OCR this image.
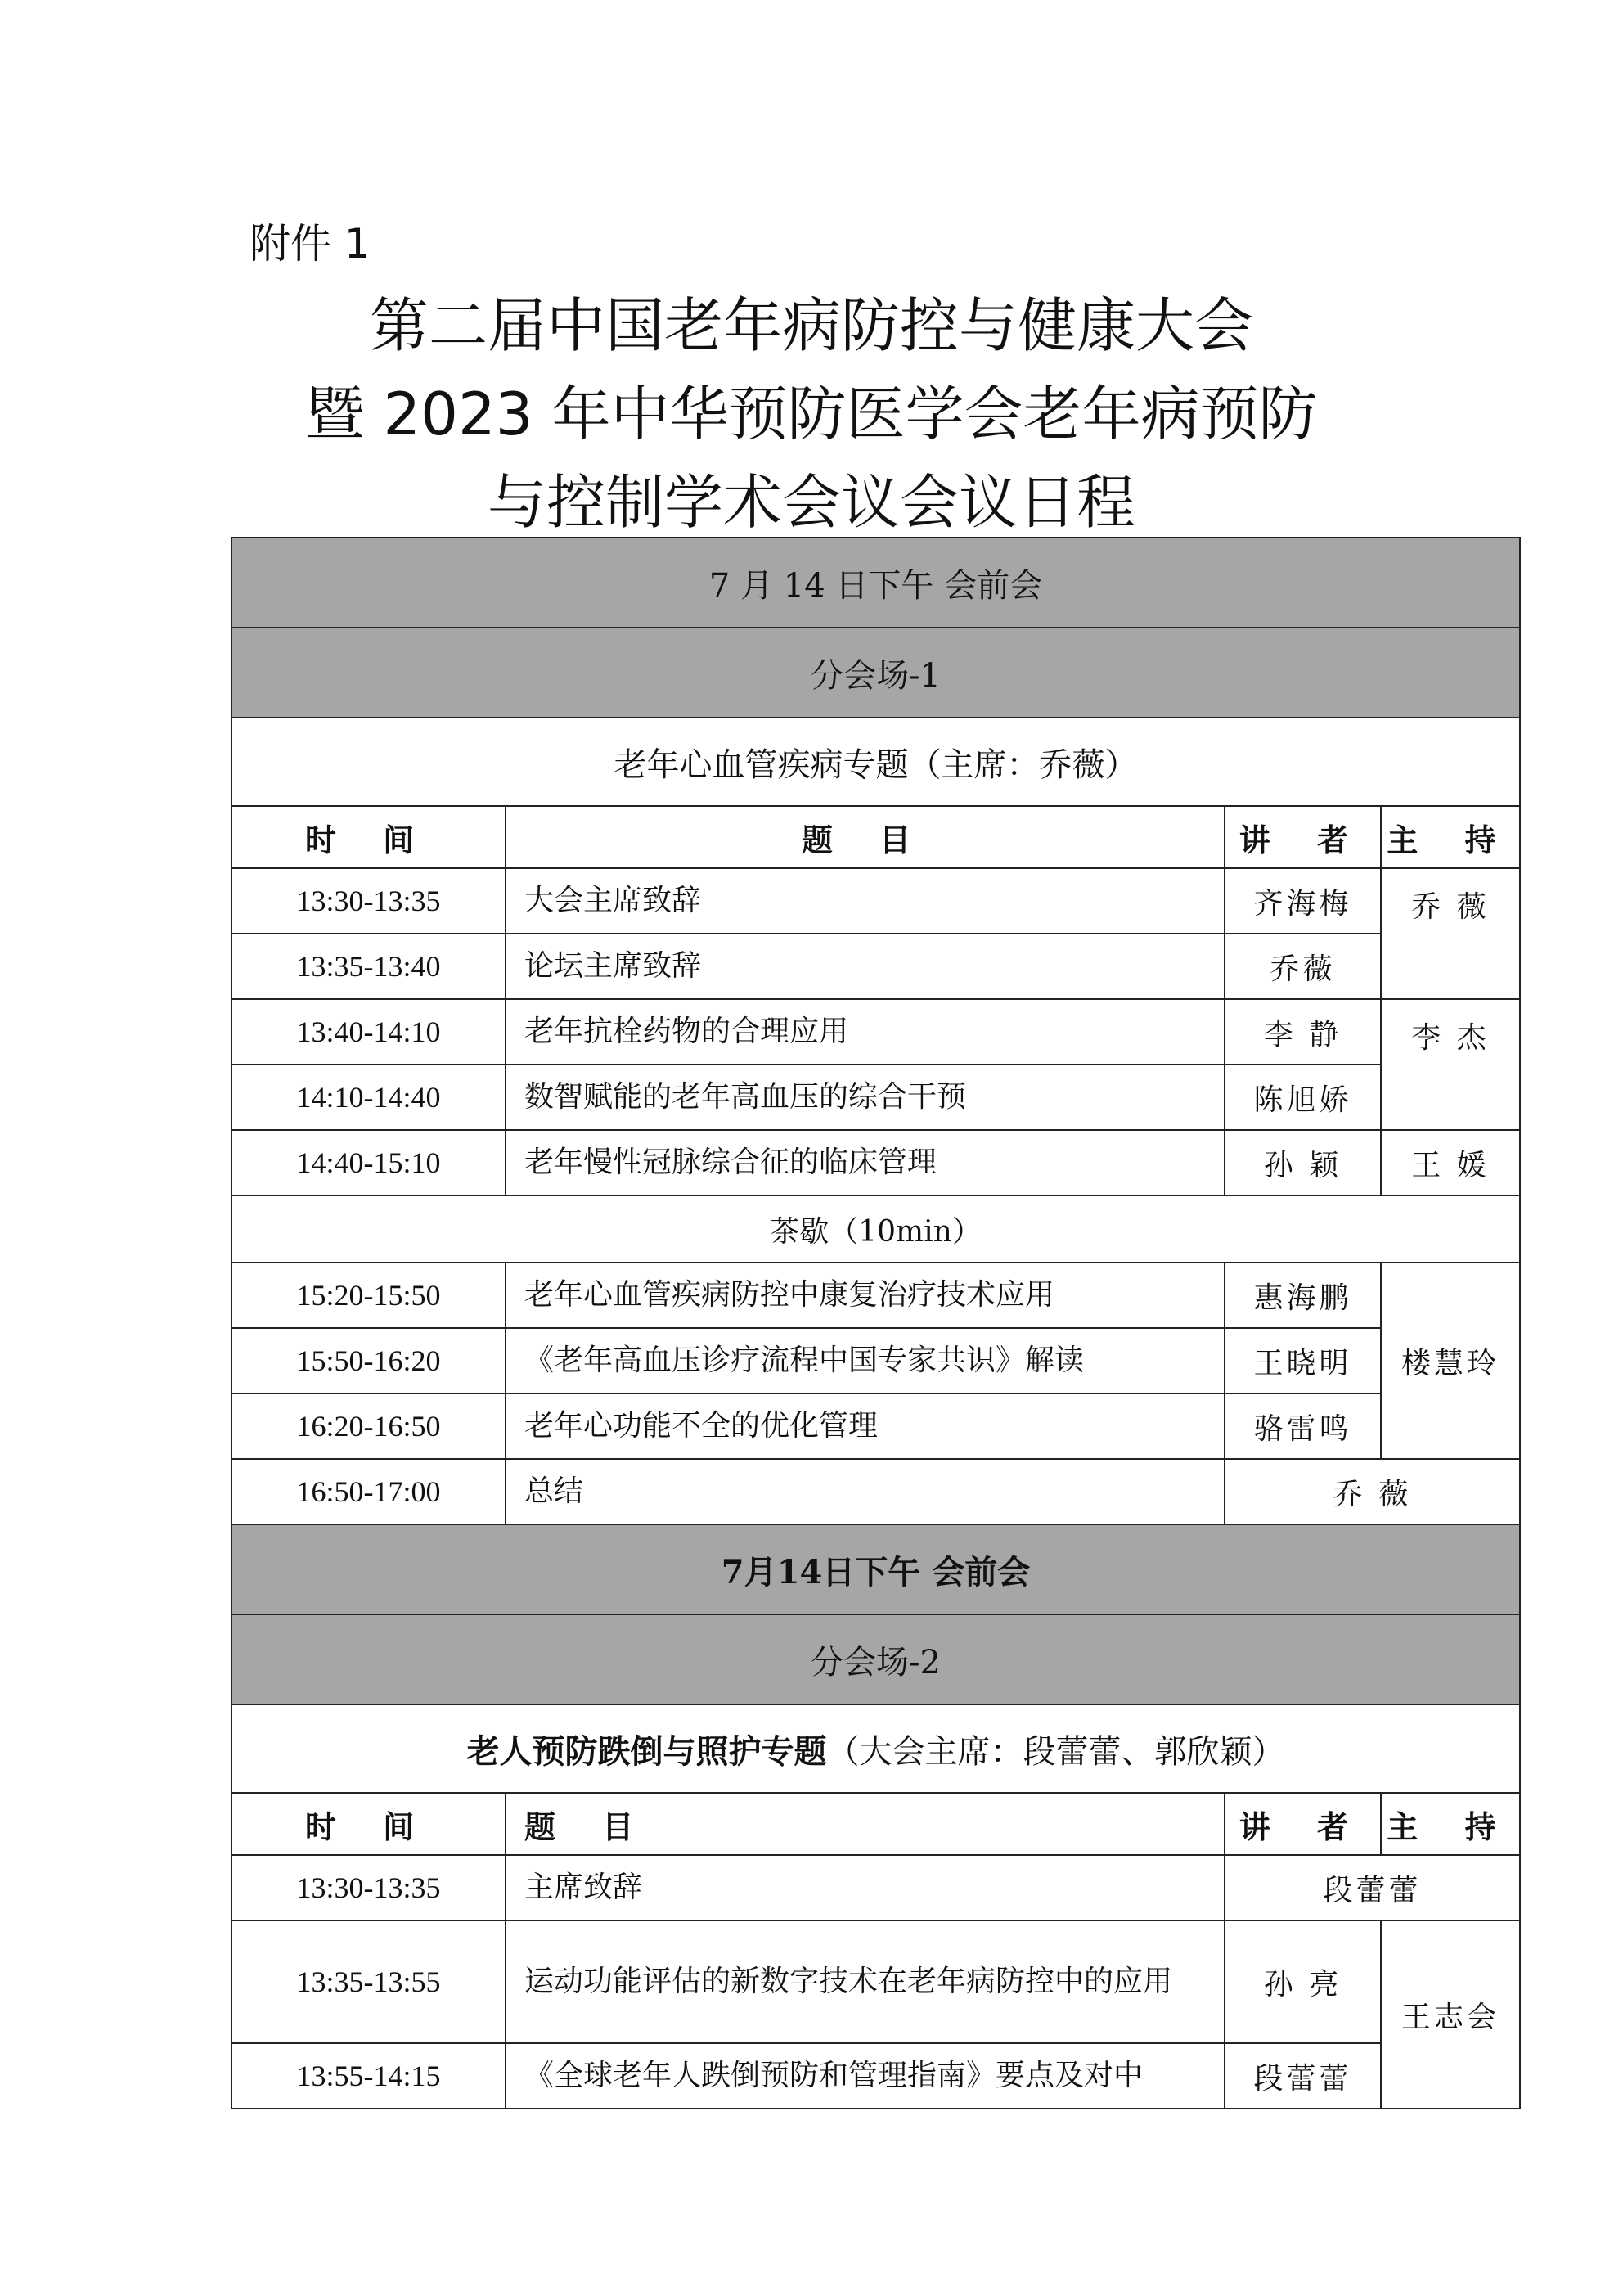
附件 1
第二届中国老年病防控与健康大会
暨 2023 年中华预防医学会老年病预防
与控制学术会议会议日程
7 月 14 日下午 会前会			
分会场-1			
老年心血管疾病专题（主席：乔薇）			
时 间	题 目	讲 者	主 持
13:30-13:35	大会主席致辞	齐海梅	乔 薇
13:35-13:40	论坛主席致辞	乔薇	
13:40-14:10	老年抗栓药物的合理应用	李 静	李 杰
14:10-14:40	数智赋能的老年高血压的综合干预	陈旭娇	
14:40-15:10	老年慢性冠脉综合征的临床管理	孙 颖	王 媛
茶歇（10min）			
15:20-15:50	老年心血管疾病防控中康复治疗技术应用	惠海鹏	楼慧玲
15:50-16:20	《老年高血压诊疗流程中国专家共识》解读	王晓明	
16:20-16:50	老年心功能不全的优化管理	骆雷鸣	
16:50-17:00	总结	乔 薇	
7月14日下午 会前会			
分会场-2			
老人预防跌倒与照护专题（大会主席：段蕾蕾、郭欣颖）			
时 间	题 目	讲 者	主 持
13:30-13:35	主席致辞	段蕾蕾	
13:35-13:55	运动功能评估的新数字技术在老年病防控中的应用	孙 亮	王志会
13:55-14:15	《全球老年人跌倒预防和管理指南》要点及对中	段蕾蕾	
